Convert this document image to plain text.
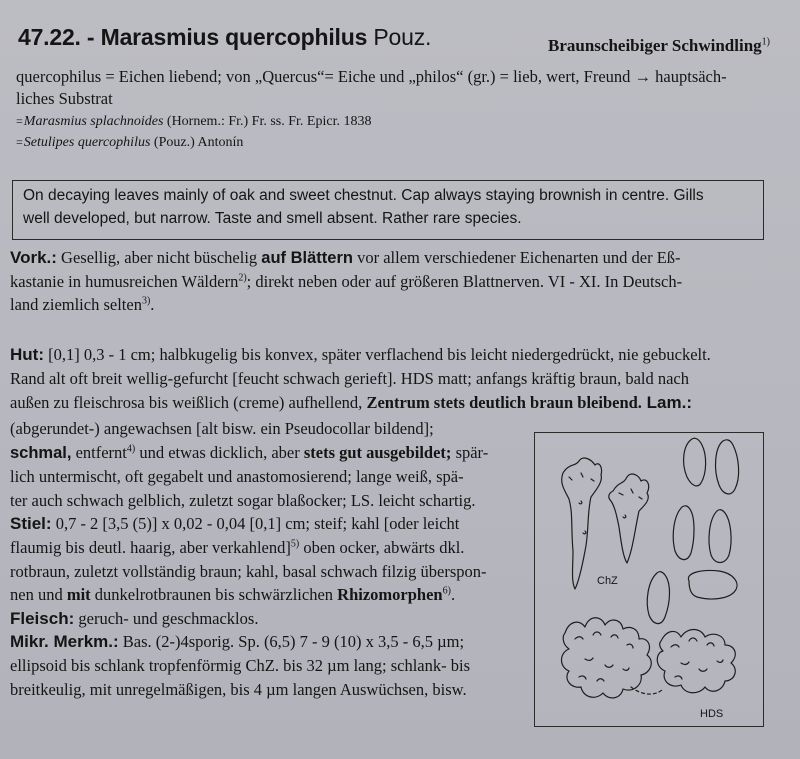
47.22. - Marasmius quercophilus Pouz.	Braunscheibiger Schwindling$^{1)}$
quercophilus = Eichen liebend; von „Quercus“= Eiche und „philos“ (gr.) = lieb, wert, Freund → hauptsäch-
liches Substrat
=Marasmius splachnoides (Hornem.: Fr.) Fr. ss. Fr. Epicr. 1838
=Setulipes quercophilus (Pouz.) Antonín
On decaying leaves mainly of oak and sweet chestnut. Cap always staying brownish in centre. Gills
well developed, but narrow. Taste and smell absent. Rather rare species.
Vork.: Gesellig, aber nicht büschelig auf Blättern vor allem verschiedener Eichenarten und der Eß-
kastanie in humusreichen Wäldern$^{2)}$; direkt neben oder auf größeren Blattnerven. VI - XI. In Deutsch-
land ziemlich selten$^{3)}$.
Hut: [0,1] 0,3 - 1 cm; halbkugelig bis konvex, später verflachend bis leicht niedergedrückt, nie gebuckelt.
Rand alt oft breit wellig-gefurcht [feucht schwach gerieft]. HDS matt; anfangs kräftig braun, bald nach
außen zu fleischrosa bis weißlich (creme) aufhellend, Zentrum stets deutlich braun bleibend. Lam.:
(abgerundet-) angewachsen [alt bisw. ein Pseudocollar bildend];
schmal, entfernt$^{4)}$ und etwas dicklich, aber stets gut ausgebildet; spär-
lich untermischt, oft gegabelt und anastomosierend; lange weiß, spä-
ter auch schwach gelblich, zuletzt sogar blaßocker; LS. leicht schartig.
Stiel: 0,7 - 2 [3,5 (5)] x 0,02 - 0,04 [0,1] cm; steif; kahl [oder leicht
flaumig bis deutl. haarig, aber verkahlend]$^{5)}$ oben ocker, abwärts dkl.
rotbraun, zuletzt vollständig braun; kahl, basal schwach filzig überspon-
nen und mit dunkelrotbraunen bis schwärzlichen Rhizomorphen$^{6)}$.
Fleisch: geruch- und geschmacklos.
Mikr. Merkm.: Bas. (2-)4sporig. Sp. (6,5) 7 - 9 (10) x 3,5 - 6,5 µm;
ellipsoid bis schlank tropfenförmig ChZ. bis 32 µm lang; schlank- bis
breitkeulig, mit unregelmäßigen, bis 4 µm langen Auswüchsen, bisw.
ChZ
HDS
